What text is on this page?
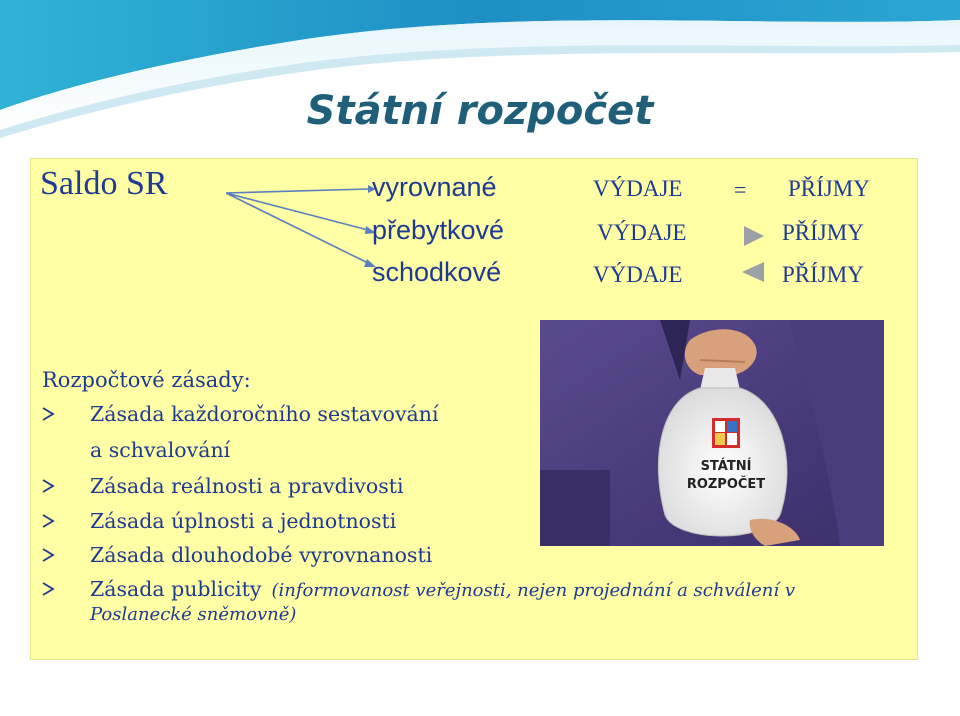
Státní rozpočet
Saldo SR	vyrovnané	VÝDAJE = PŘÍJMY
přebytkové	VÝDAJE	PŘÍJMY
schodkové	VÝDAJE	PŘÍJMY
Rozpočtové zásady:
Zásada každoročního sestavování
a schvalování
Zásada reálnosti a pravdivosti
Zásada úplnosti a jednotnosti
Zásada dlouhodobé vyrovnanosti
Zásada publicity (informovanost veřejnosti, nejen projednání a schválení v
Poslanecké sněmovně)
STÁTNÍ
ROZPOČET
